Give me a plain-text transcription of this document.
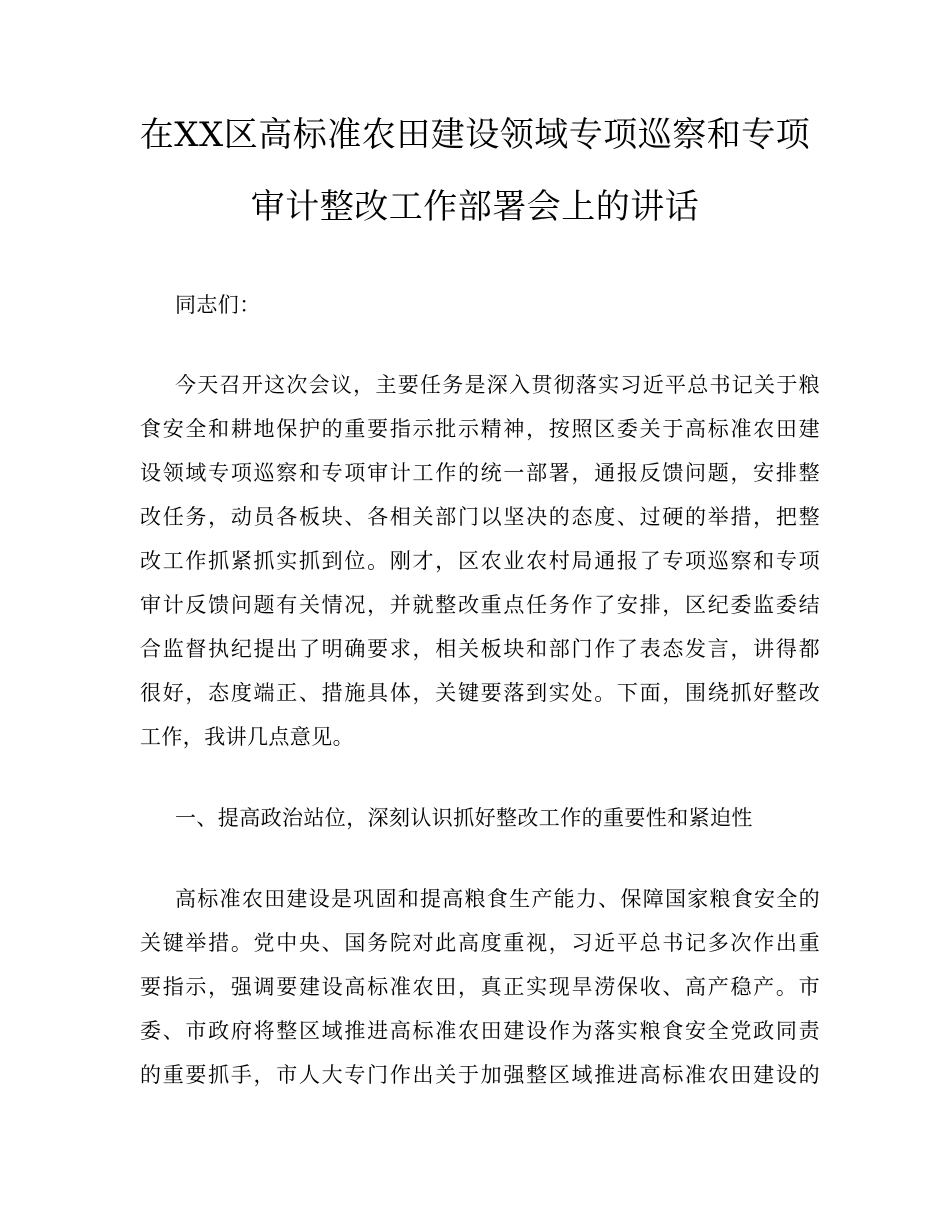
在XX区高标准农田建设领域专项巡察和专项
审计整改工作部署会上的讲话
同志们：
今天召开这次会议，主要任务是深入贯彻落实习近平总书记关于粮
食安全和耕地保护的重要指示批示精神，按照区委关于高标准农田建
设领域专项巡察和专项审计工作的统一部署，通报反馈问题，安排整
改任务，动员各板块、各相关部门以坚决的态度、过硬的举措，把整
改工作抓紧抓实抓到位。刚才，区农业农村局通报了专项巡察和专项
审计反馈问题有关情况，并就整改重点任务作了安排，区纪委监委结
合监督执纪提出了明确要求，相关板块和部门作了表态发言，讲得都
很好，态度端正、措施具体，关键要落到实处。下面，围绕抓好整改
工作，我讲几点意见。
一、提高政治站位，深刻认识抓好整改工作的重要性和紧迫性
高标准农田建设是巩固和提高粮食生产能力、保障国家粮食安全的
关键举措。党中央、国务院对此高度重视，习近平总书记多次作出重
要指示，强调要建设高标准农田，真正实现旱涝保收、高产稳产。市
委、市政府将整区域推进高标准农田建设作为落实粮食安全党政同责
的重要抓手，市人大专门作出关于加强整区域推进高标准农田建设的
